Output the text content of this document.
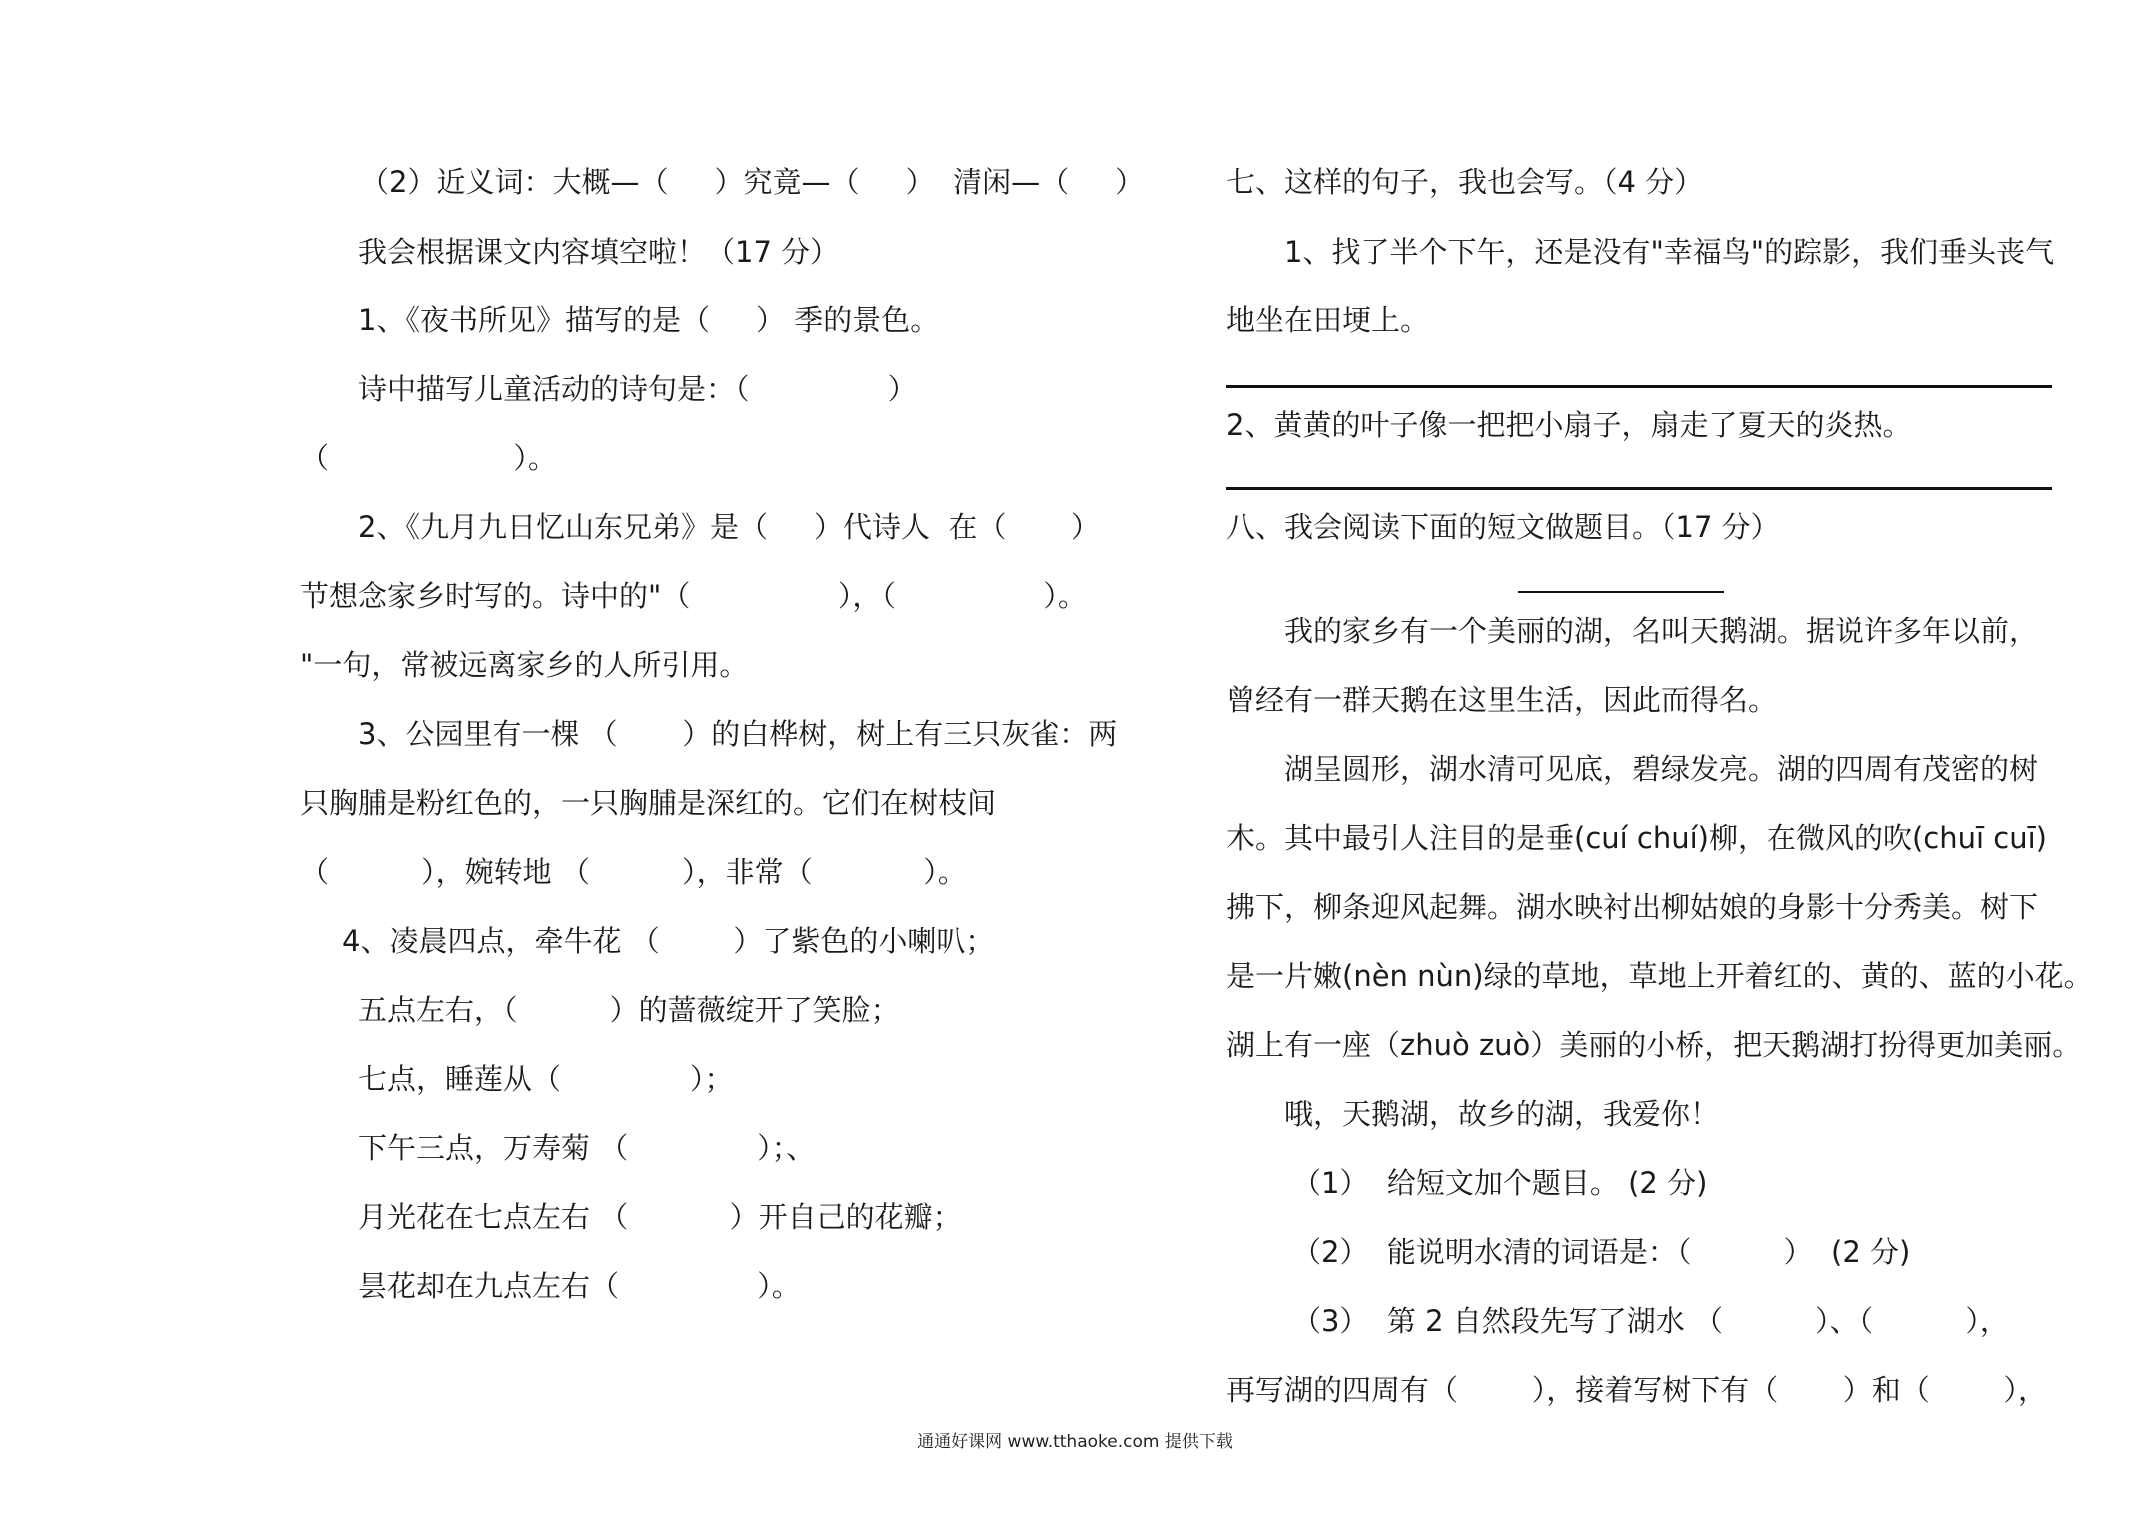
（2）近义词：大概—（     ）究竟—（     ）  清闲—（     ）
我会根据课文内容填空啦！（17 分）
1、《夜书所见》描写的是（     ） 季的景色。
诗中描写儿童活动的诗句是：（               ）
（                    ）。
2、《九月九日忆山东兄弟》是（     ）代诗人  在（       ）
节想念家乡时写的。诗中的"（                ），（                ）。
"一句，常被远离家乡的人所引用。
3、公园里有一棵 （       ）的白桦树，树上有三只灰雀：两
只胸脯是粉红色的，一只胸脯是深红的。它们在树枝间
（          ），婉转地 （          ），非常（            ）。
4、凌晨四点，牵牛花 （        ）了紫色的小喇叭；
五点左右，（          ）的蔷薇绽开了笑脸；
七点，睡莲从（              ）；
下午三点，万寿菊 （              ）；、
月光花在七点左右 （           ）开自己的花瓣；
昙花却在九点左右（               ）。
七、这样的句子，我也会写。（4 分）
1、找了半个下午，还是没有"幸福鸟"的踪影，我们垂头丧气
地坐在田埂上。
2、黄黄的叶子像一把把小扇子，扇走了夏天的炎热。
八、我会阅读下面的短文做题目。（17 分）
我的家乡有一个美丽的湖，名叫天鹅湖。据说许多年以前，
曾经有一群天鹅在这里生活，因此而得名。
湖呈圆形，湖水清可见底，碧绿发亮。湖的四周有茂密的树
木。其中最引人注目的是垂(cuí chuí)柳，在微风的吹(chuī cuī)
拂下，柳条迎风起舞。湖水映衬出柳姑娘的身影十分秀美。树下
是一片嫩(nèn nùn)绿的草地，草地上开着红的、黄的、蓝的小花。
湖上有一座（zhuò zuò）美丽的小桥，把天鹅湖打扮得更加美丽。
哦，天鹅湖，故乡的湖，我爱你！
（1）  给短文加个题目。 (2 分)
（2）  能说明水清的词语是：（          ）  (2 分)
（3）  第 2 自然段先写了湖水 （          ）、（          ），
再写湖的四周有（        ），接着写树下有（       ）和（        ），
通通好课网 www.tthaoke.com 提供下载
